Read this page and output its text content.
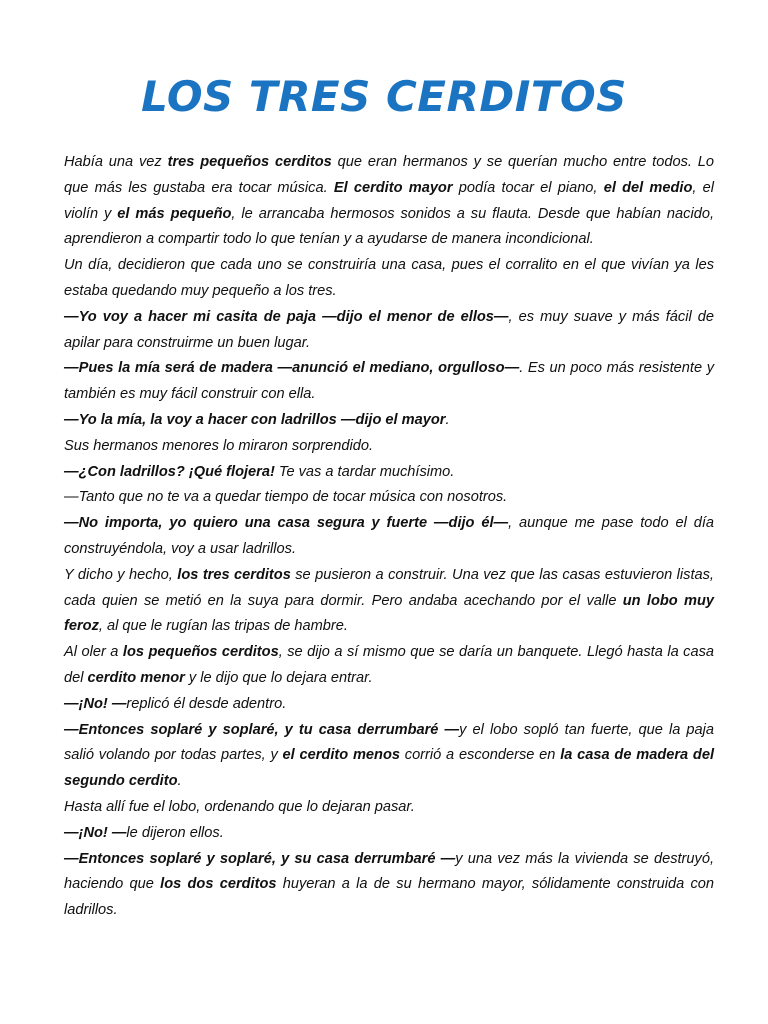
LOS TRES CERDITOS

Había una vez tres pequeños cerditos que eran hermanos y se querían mucho entre todos. Lo que más les gustaba era tocar música. El cerdito mayor podía tocar el piano, el del medio, el violín y el más pequeño, le arrancaba hermosos sonidos a su flauta. Desde que habían nacido, aprendieron a compartir todo lo que tenían y a ayudarse de manera incondicional.

Un día, decidieron que cada uno se construiría una casa, pues el corralito en el que vivían ya les estaba quedando muy pequeño a los tres.

—Yo voy a hacer mi casita de paja —dijo el menor de ellos—, es muy suave y más fácil de apilar para construirme un buen lugar.

—Pues la mía será de madera —anunció el mediano, orgulloso—. Es un poco más resistente y también es muy fácil construir con ella.

—Yo la mía, la voy a hacer con ladrillos —dijo el mayor.

Sus hermanos menores lo miraron sorprendido.

—¿Con ladrillos? ¡Qué flojera! Te vas a tardar muchísimo.

—Tanto que no te va a quedar tiempo de tocar música con nosotros.

—No importa, yo quiero una casa segura y fuerte —dijo él—, aunque me pase todo el día construyéndola, voy a usar ladrillos.

Y dicho y hecho, los tres cerditos se pusieron a construir. Una vez que las casas estuvieron listas, cada quien se metió en la suya para dormir. Pero andaba acechando por el valle un lobo muy feroz, al que le rugían las tripas de hambre.

Al oler a los pequeños cerditos, se dijo a sí mismo que se daría un banquete. Llegó hasta la casa del cerdito menor y le dijo que lo dejara entrar.

—¡No! —replicó él desde adentro.

—Entonces soplaré y soplaré, y tu casa derrumbaré —y el lobo sopló tan fuerte, que la paja salió volando por todas partes, y el cerdito menos corrió a esconderse en la casa de madera del segundo cerdito.

Hasta allí fue el lobo, ordenando que lo dejaran pasar.

—¡No! —le dijeron ellos.

—Entonces soplaré y soplaré, y su casa derrumbaré —y una vez más la vivienda se destruyó, haciendo que los dos cerditos huyeran a la de su hermano mayor, sólidamente construida con ladrillos.
